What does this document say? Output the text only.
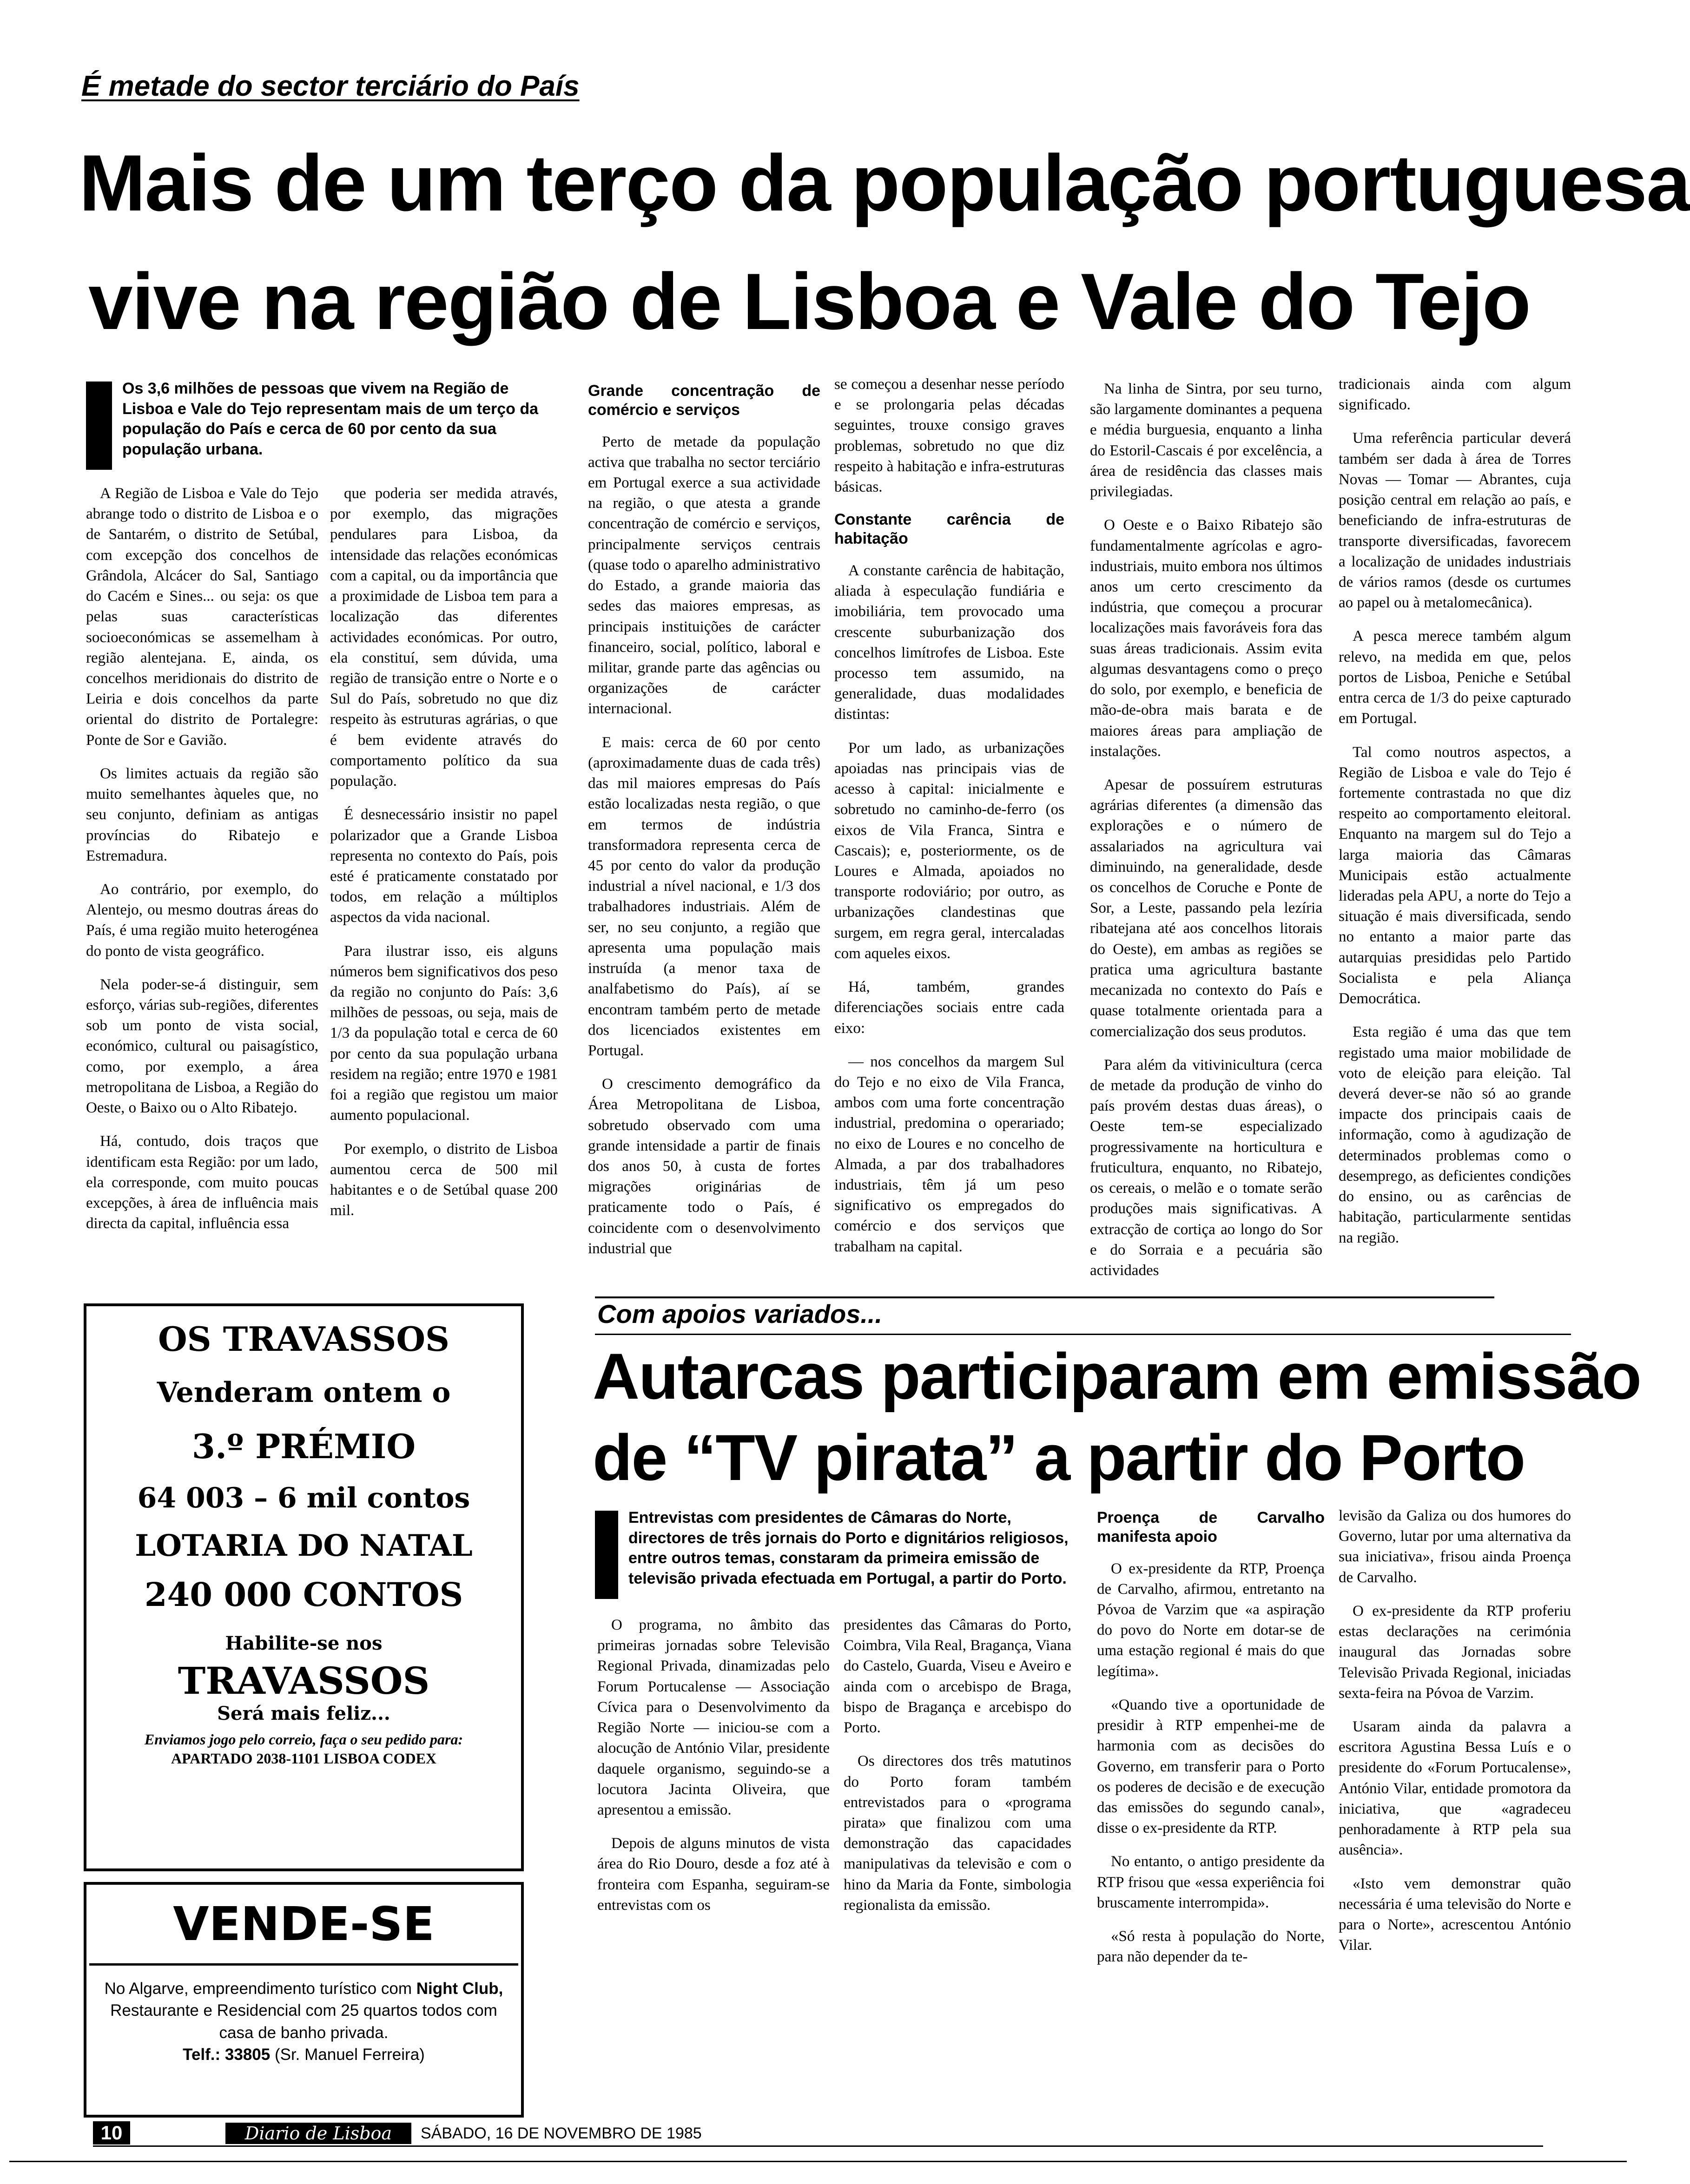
É metade do sector terciário do País
Mais de um terço da população portuguesa
vive na região de Lisboa e Vale do Tejo
Os 3,6 milhões de pessoas que vivem na Região de Lisboa e Vale do Tejo representam mais de um terço da população do País e cerca de 60 por cento da sua população urbana.

A Região de Lisboa e Vale do Tejo abrange todo o distrito de Lisboa e o de Santarém, o distrito de Setúbal, com excepção dos concelhos de Grândola, Alcácer do Sal, Santiago do Cacém e Sines... ou seja: os que pelas suas características socioeconómicas se assemelham à região alentejana. E, ainda, os concelhos meridionais do distrito de Leiria e dois concelhos da parte oriental do distrito de Portalegre: Ponte de Sor e Gavião.

Os limites actuais da região são muito semelhantes àqueles que, no seu conjunto, definiam as antigas províncias do Ribatejo e Estremadura.

Ao contrário, por exemplo, do Alentejo, ou mesmo doutras áreas do País, é uma região muito heterogénea do ponto de vista geográfico.

Nela poder-se-á distinguir, sem esforço, várias sub-regiões, diferentes sob um ponto de vista social, económico, cultural ou paisagístico, como, por exemplo, a área metropolitana de Lisboa, a Região do Oeste, o Baixo ou o Alto Ribatejo.

Há, contudo, dois traços que identificam esta Região: por um lado, ela corresponde, com muito poucas excepções, à área de influência mais directa da capital, influência essa

que poderia ser medida através, por exemplo, das migrações pendulares para Lisboa, da intensidade das relações económicas com a capital, ou da importância que a proximidade de Lisboa tem para a localização das diferentes actividades económicas. Por outro, ela constituí, sem dúvida, uma região de transição entre o Norte e o Sul do País, sobretudo no que diz respeito às estruturas agrárias, o que é bem evidente através do comportamento político da sua população.

É desnecessário insistir no papel polarizador que a Grande Lisboa representa no contexto do País, pois esté é praticamente constatado por todos, em relação a múltiplos aspectos da vida nacional.

Para ilustrar isso, eis alguns números bem significativos dos peso da região no conjunto do País: 3,6 milhões de pessoas, ou seja, mais de 1/3 da população total e cerca de 60 por cento da sua população urbana residem na região; entre 1970 e 1981 foi a região que registou um maior aumento populacional.

Por exemplo, o distrito de Lisboa aumentou cerca de 500 mil habitantes e o de Setúbal quase 200 mil.

Grande concentração de comércio e serviços

Perto de metade da população activa que trabalha no sector terciário em Portugal exerce a sua actividade na região, o que atesta a grande concentração de comércio e serviços, principalmente serviços centrais (quase todo o aparelho administrativo do Estado, a grande maioria das sedes das maiores empresas, as principais instituições de carácter financeiro, social, político, laboral e militar, grande parte das agências ou organizações de carácter internacional.

E mais: cerca de 60 por cento (aproximadamente duas de cada três) das mil maiores empresas do País estão localizadas nesta região, o que em termos de indústria transformadora representa cerca de 45 por cento do valor da produção industrial a nível nacional, e 1/3 dos trabalhadores industriais. Além de ser, no seu conjunto, a região que apresenta uma população mais instruída (a menor taxa de analfabetismo do País), aí se encontram também perto de metade dos licenciados existentes em Portugal.

O crescimento demográfico da Área Metropolitana de Lisboa, sobretudo observado com uma grande intensidade a partir de finais dos anos 50, à custa de fortes migrações originárias de praticamente todo o País, é coincidente com o desenvolvimento industrial que

se começou a desenhar nesse período e se prolongaria pelas décadas seguintes, trouxe consigo graves problemas, sobretudo no que diz respeito à habitação e infra-estruturas básicas.

Constante carência de habitação

A constante carência de habitação, aliada à especulação fundiária e imobiliária, tem provocado uma crescente suburbanização dos concelhos limítrofes de Lisboa. Este processo tem assumido, na generalidade, duas modalidades distintas:

Por um lado, as urbanizações apoiadas nas principais vias de acesso à capital: inicialmente e sobretudo no caminho-de-ferro (os eixos de Vila Franca, Sintra e Cascais); e, posteriormente, os de Loures e Almada, apoiados no transporte rodoviário; por outro, as urbanizações clandestinas que surgem, em regra geral, intercaladas com aqueles eixos.

Há, também, grandes diferenciações sociais entre cada eixo:

— nos concelhos da margem Sul do Tejo e no eixo de Vila Franca, ambos com uma forte concentração industrial, predomina o operariado; no eixo de Loures e no concelho de Almada, a par dos trabalhadores industriais, têm já um peso significativo os empregados do comércio e dos serviços que trabalham na capital.

Na linha de Sintra, por seu turno, são largamente dominantes a pequena e média burguesia, enquanto a linha do Estoril-Cascais é por excelência, a área de residência das classes mais privilegiadas.

O Oeste e o Baixo Ribatejo são fundamentalmente agrícolas e agro-industriais, muito embora nos últimos anos um certo crescimento da indústria, que começou a procurar localizações mais favoráveis fora das suas áreas tradicionais. Assim evita algumas desvantagens como o preço do solo, por exemplo, e beneficia de mão-de-obra mais barata e de maiores áreas para ampliação de instalações.

Apesar de possuírem estruturas agrárias diferentes (a dimensão das explorações e o número de assalariados na agricultura vai diminuindo, na generalidade, desde os concelhos de Coruche e Ponte de Sor, a Leste, passando pela lezíria ribatejana até aos concelhos litorais do Oeste), em ambas as regiões se pratica uma agricultura bastante mecanizada no contexto do País e quase totalmente orientada para a comercialização dos seus produtos.

Para além da vitivinicultura (cerca de metade da produção de vinho do país provém destas duas áreas), o Oeste tem-se especializado progressivamente na horticultura e fruticultura, enquanto, no Ribatejo, os cereais, o melão e o tomate serão produções mais significativas. A extracção de cortiça ao longo do Sor e do Sorraia e a pecuária são actividades

tradicionais ainda com algum significado.

Uma referência particular deverá também ser dada à área de Torres Novas — Tomar — Abrantes, cuja posição central em relação ao país, e beneficiando de infra-estruturas de transporte diversificadas, favorecem a localização de unidades industriais de vários ramos (desde os curtumes ao papel ou à metalomecânica).

A pesca merece também algum relevo, na medida em que, pelos portos de Lisboa, Peniche e Setúbal entra cerca de 1/3 do peixe capturado em Portugal.

Tal como noutros aspectos, a Região de Lisboa e vale do Tejo é fortemente contrastada no que diz respeito ao comportamento eleitoral. Enquanto na margem sul do Tejo a larga maioria das Câmaras Municipais estão actualmente lideradas pela APU, a norte do Tejo a situação é mais diversificada, sendo no entanto a maior parte das autarquias presididas pelo Partido Socialista e pela Aliança Democrática.

Esta região é uma das que tem registado uma maior mobilidade de voto de eleição para eleição. Tal deverá dever-se não só ao grande impacte dos principais caais de informação, como à agudização de determinados problemas como o desemprego, as deficientes condições do ensino, ou as carências de habitação, particularmente sentidas na região.

OS TRAVASSOS
Venderam ontem o
3.º PRÉMIO
64 003 – 6 mil contos
LOTARIA DO NATAL
240 000 CONTOS
Habilite-se nos
TRAVASSOS
Será mais feliz...
Enviamos jogo pelo correio, faça o seu pedido para:
APARTADO 2038-1101 LISBOA CODEX
VENDE-SE
No Algarve, empreendimento turístico com Night Club, Restaurante e Residencial com 25 quartos todos com casa de banho privada.
Telf.: 33805 (Sr. Manuel Ferreira)
Com apoios variados...
Autarcas participaram em emissão
de “TV pirata” a partir do Porto
Entrevistas com presidentes de Câmaras do Norte, directores de três jornais do Porto e dignitários religiosos, entre outros temas, constaram da primeira emissão de televisão privada efectuada em Portugal, a partir do Porto.

O programa, no âmbito das primeiras jornadas sobre Televisão Regional Privada, dinamizadas pelo Forum Portucalense — Associação Cívica para o Desenvolvimento da Região Norte — iniciou-se com a alocução de António Vilar, presidente daquele organismo, seguindo-se a locutora Jacinta Oliveira, que apresentou a emissão.

Depois de alguns minutos de vista área do Rio Douro, desde a foz até à fronteira com Espanha, seguiram-se entrevistas com os

presidentes das Câmaras do Porto, Coimbra, Vila Real, Bragança, Viana do Castelo, Guarda, Viseu e Aveiro e ainda com o arcebispo de Braga, bispo de Bragança e arcebispo do Porto.

Os directores dos três matutinos do Porto foram também entrevistados para o «programa pirata» que finalizou com uma demonstração das capacidades manipulativas da televisão e com o hino da Maria da Fonte, simbologia regionalista da emissão.

Proença de Carvalho manifesta apoio

O ex-presidente da RTP, Proença de Carvalho, afirmou, entretanto na Póvoa de Varzim que «a aspiração do povo do Norte em dotar-se de uma estação regional é mais do que legítima».

«Quando tive a oportunidade de presidir à RTP empenhei-me de harmonia com as decisões do Governo, em transferir para o Porto os poderes de decisão e de execução das emissões do segundo canal», disse o ex-presidente da RTP.

No entanto, o antigo presidente da RTP frisou que «essa experiência foi bruscamente interrompida».

«Só resta à população do Norte, para não depender da te-

levisão da Galiza ou dos humores do Governo, lutar por uma alternativa da sua iniciativa», frisou ainda Proença de Carvalho.

O ex-presidente da RTP proferiu estas declarações na cerimónia inaugural das Jornadas sobre Televisão Privada Regional, iniciadas sexta-feira na Póvoa de Varzim.

Usaram ainda da palavra a escritora Agustina Bessa Luís e o presidente do «Forum Portucalense», António Vilar, entidade promotora da iniciativa, que «agradeceu penhoradamente à RTP pela sua ausência».

«Isto vem demonstrar quão necessária é uma televisão do Norte e para o Norte», acrescentou António Vilar.

10	Diario de Lisboa	SÁBADO, 16 DE NOVEMBRO DE 1985
